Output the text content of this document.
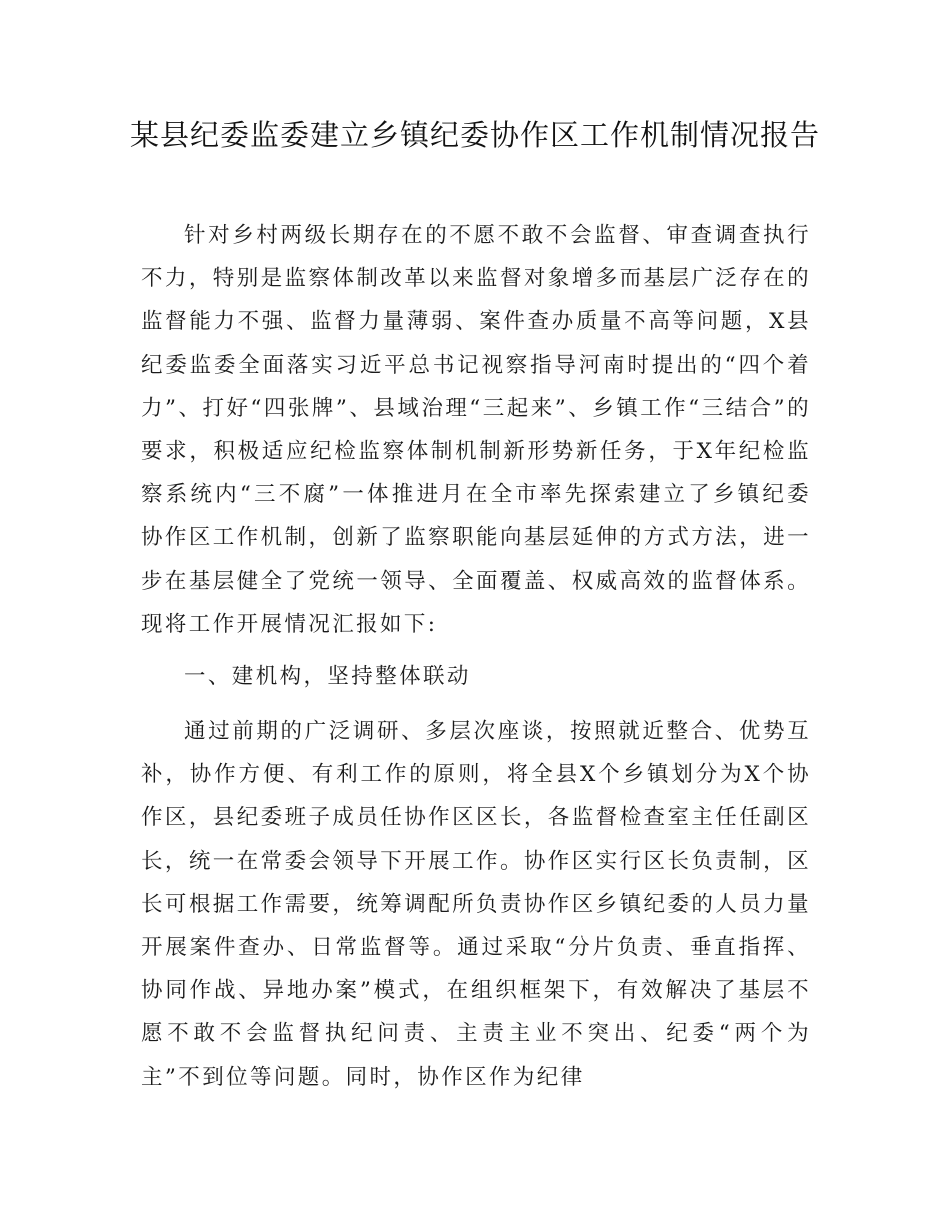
某县纪委监委建立乡镇纪委协作区工作机制情况报告

针对乡村两级长期存在的不愿不敢不会监督、审查调查执行不力，特别是监察体制改革以来监督对象增多而基层广泛存在的监督能力不强、监督力量薄弱、案件查办质量不高等问题，X县纪委监委全面落实习近平总书记视察指导河南时提出的“四个着力”、打好“四张牌”、县域治理“三起来”、乡镇工作“三结合”的要求，积极适应纪检监察体制机制新形势新任务，于X年纪检监察系统内“三不腐”一体推进月在全市率先探索建立了乡镇纪委协作区工作机制，创新了监察职能向基层延伸的方式方法，进一步在基层健全了党统一领导、全面覆盖、权威高效的监督体系。现将工作开展情况汇报如下:

一、建机构，坚持整体联动

通过前期的广泛调研、多层次座谈，按照就近整合、优势互补，协作方便、有利工作的原则，将全县X个乡镇划分为X个协作区，县纪委班子成员任协作区区长，各监督检查室主任任副区长，统一在常委会领导下开展工作。协作区实行区长负责制，区长可根据工作需要，统筹调配所负责协作区乡镇纪委的人员力量开展案件查办、日常监督等。通过采取“分片负责、垂直指挥、协同作战、异地办案”模式，在组织框架下，有效解决了基层不愿不敢不会监督执纪问责、主责主业不突出、纪委“两个为主”不到位等问题。同时，协作区作为纪律
